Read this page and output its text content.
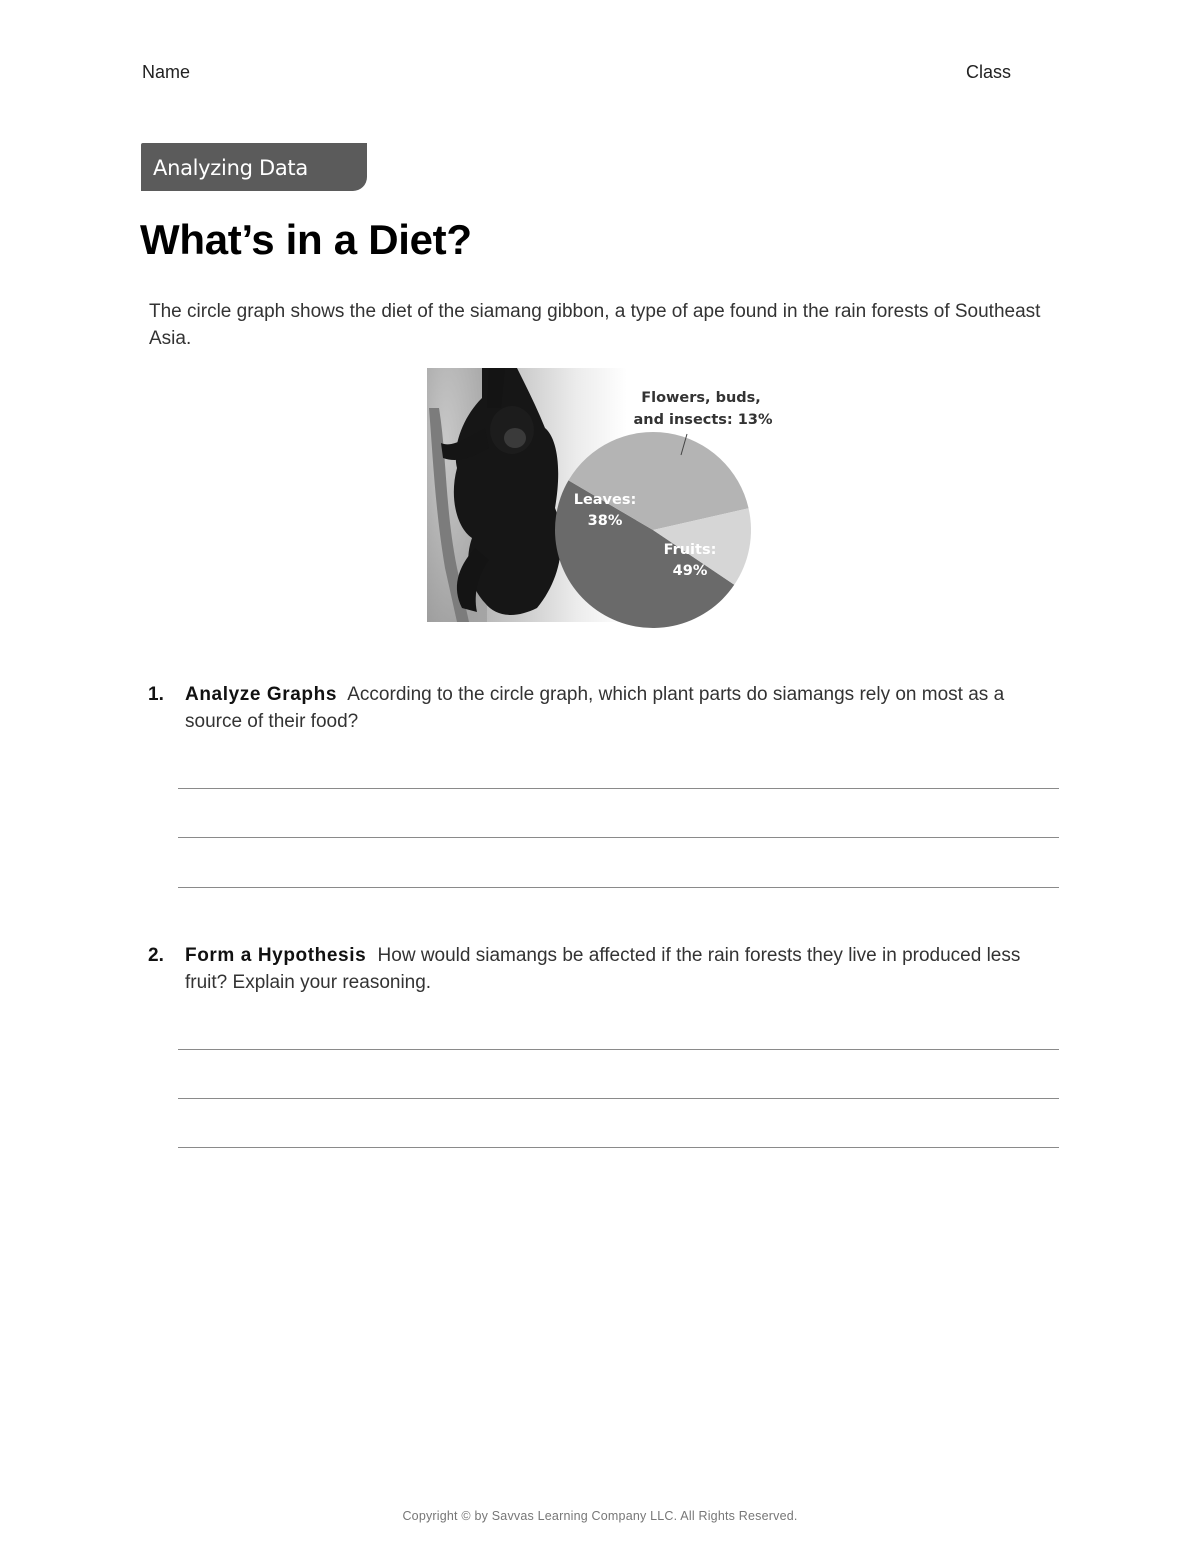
Name	Class
Analyzing Data
What’s in a Diet?

The circle graph shows the diet of the siamang gibbon, a type of ape found in the rain forests of Southeast Asia.

Leaves:
38%
Fruits:
49%
Flowers, buds,
and insects: 13%
1. Analyze Graphs According to the circle graph, which plant parts do siamangs rely on most as a source of their food?
2. Form a Hypothesis How would siamangs be affected if the rain forests they live in produced less fruit? Explain your reasoning.
Copyright © by Savvas Learning Company LLC. All Rights Reserved.
